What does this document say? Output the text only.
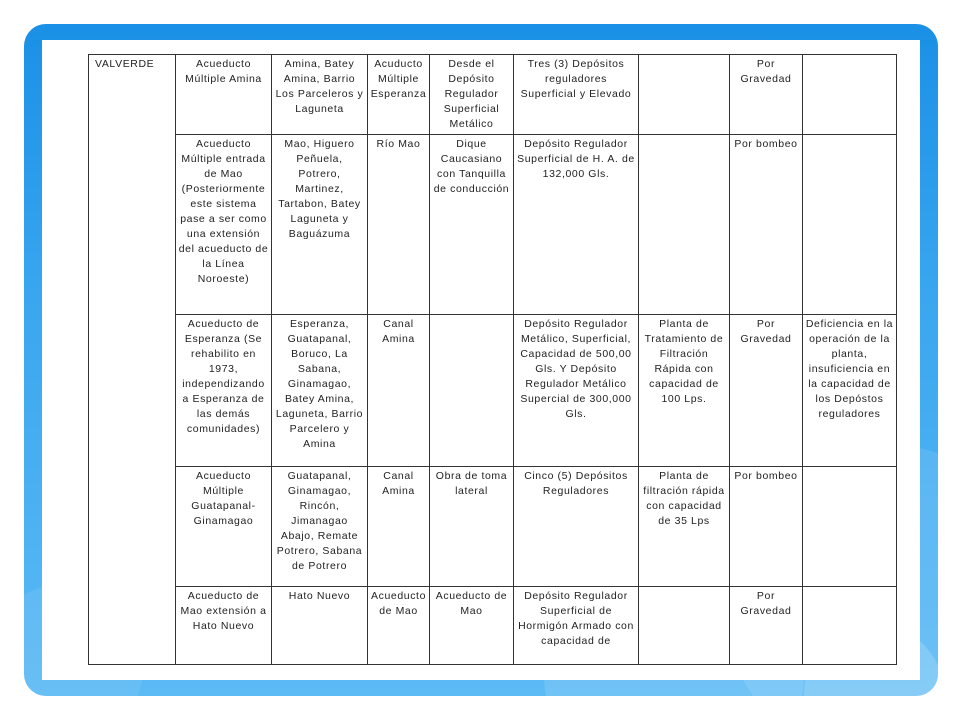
VALVERDE	Acueducto Múltiple Amina	Amina, Batey Amina, Barrio Los Parceleros y Laguneta	Acuducto Múltiple Esperanza	Desde el Depósito Regulador Superficial Metálico	Tres (3) Depósitos reguladores Superficial y Elevado		Por Gravedad	
	Acueducto Múltiple entrada de Mao (Posteriormente este sistema pase a ser como una extensión del acueducto de la Línea Noroeste)	Mao, Higuero Peñuela, Potrero, Martinez, Tartabon, Batey Laguneta y Baguázuma	Río Mao	Dique Caucasiano con Tanquilla de conducción	Depósito Regulador Superficial de H. A. de 132,000 Gls.		Por bombeo	
	Acueducto de Esperanza (Se rehabilito en 1973, independizando a Esperanza de las demás comunidades)	Esperanza, Guatapanal, Boruco, La Sabana, Ginamagao, Batey Amina, Laguneta, Barrio Parcelero y Amina	Canal Amina		Depósito Regulador Metálico, Superficial, Capacidad de 500,00 Gls. Y Depósito Regulador Metálico Supercial de 300,000 Gls.	Planta de Tratamiento de Filtración Rápida con capacidad de 100 Lps.	Por Gravedad	Deficiencia en la operación de la planta, insuficiencia en la capacidad de los Depóstos reguladores
	Acueducto Múltiple Guatapanal-Ginamagao	Guatapanal, Ginamagao, Rincón, Jimanagao Abajo, Remate Potrero, Sabana de Potrero	Canal Amina	Obra de toma lateral	Cinco (5) Depósitos Reguladores	Planta de filtración rápida con capacidad de 35 Lps	Por bombeo	
	Acueducto de Mao extensión a Hato Nuevo	Hato Nuevo	Acueducto de Mao	Acueducto de Mao	Depósito Regulador Superficial de Hormigón Armado con capacidad de		Por Gravedad	
